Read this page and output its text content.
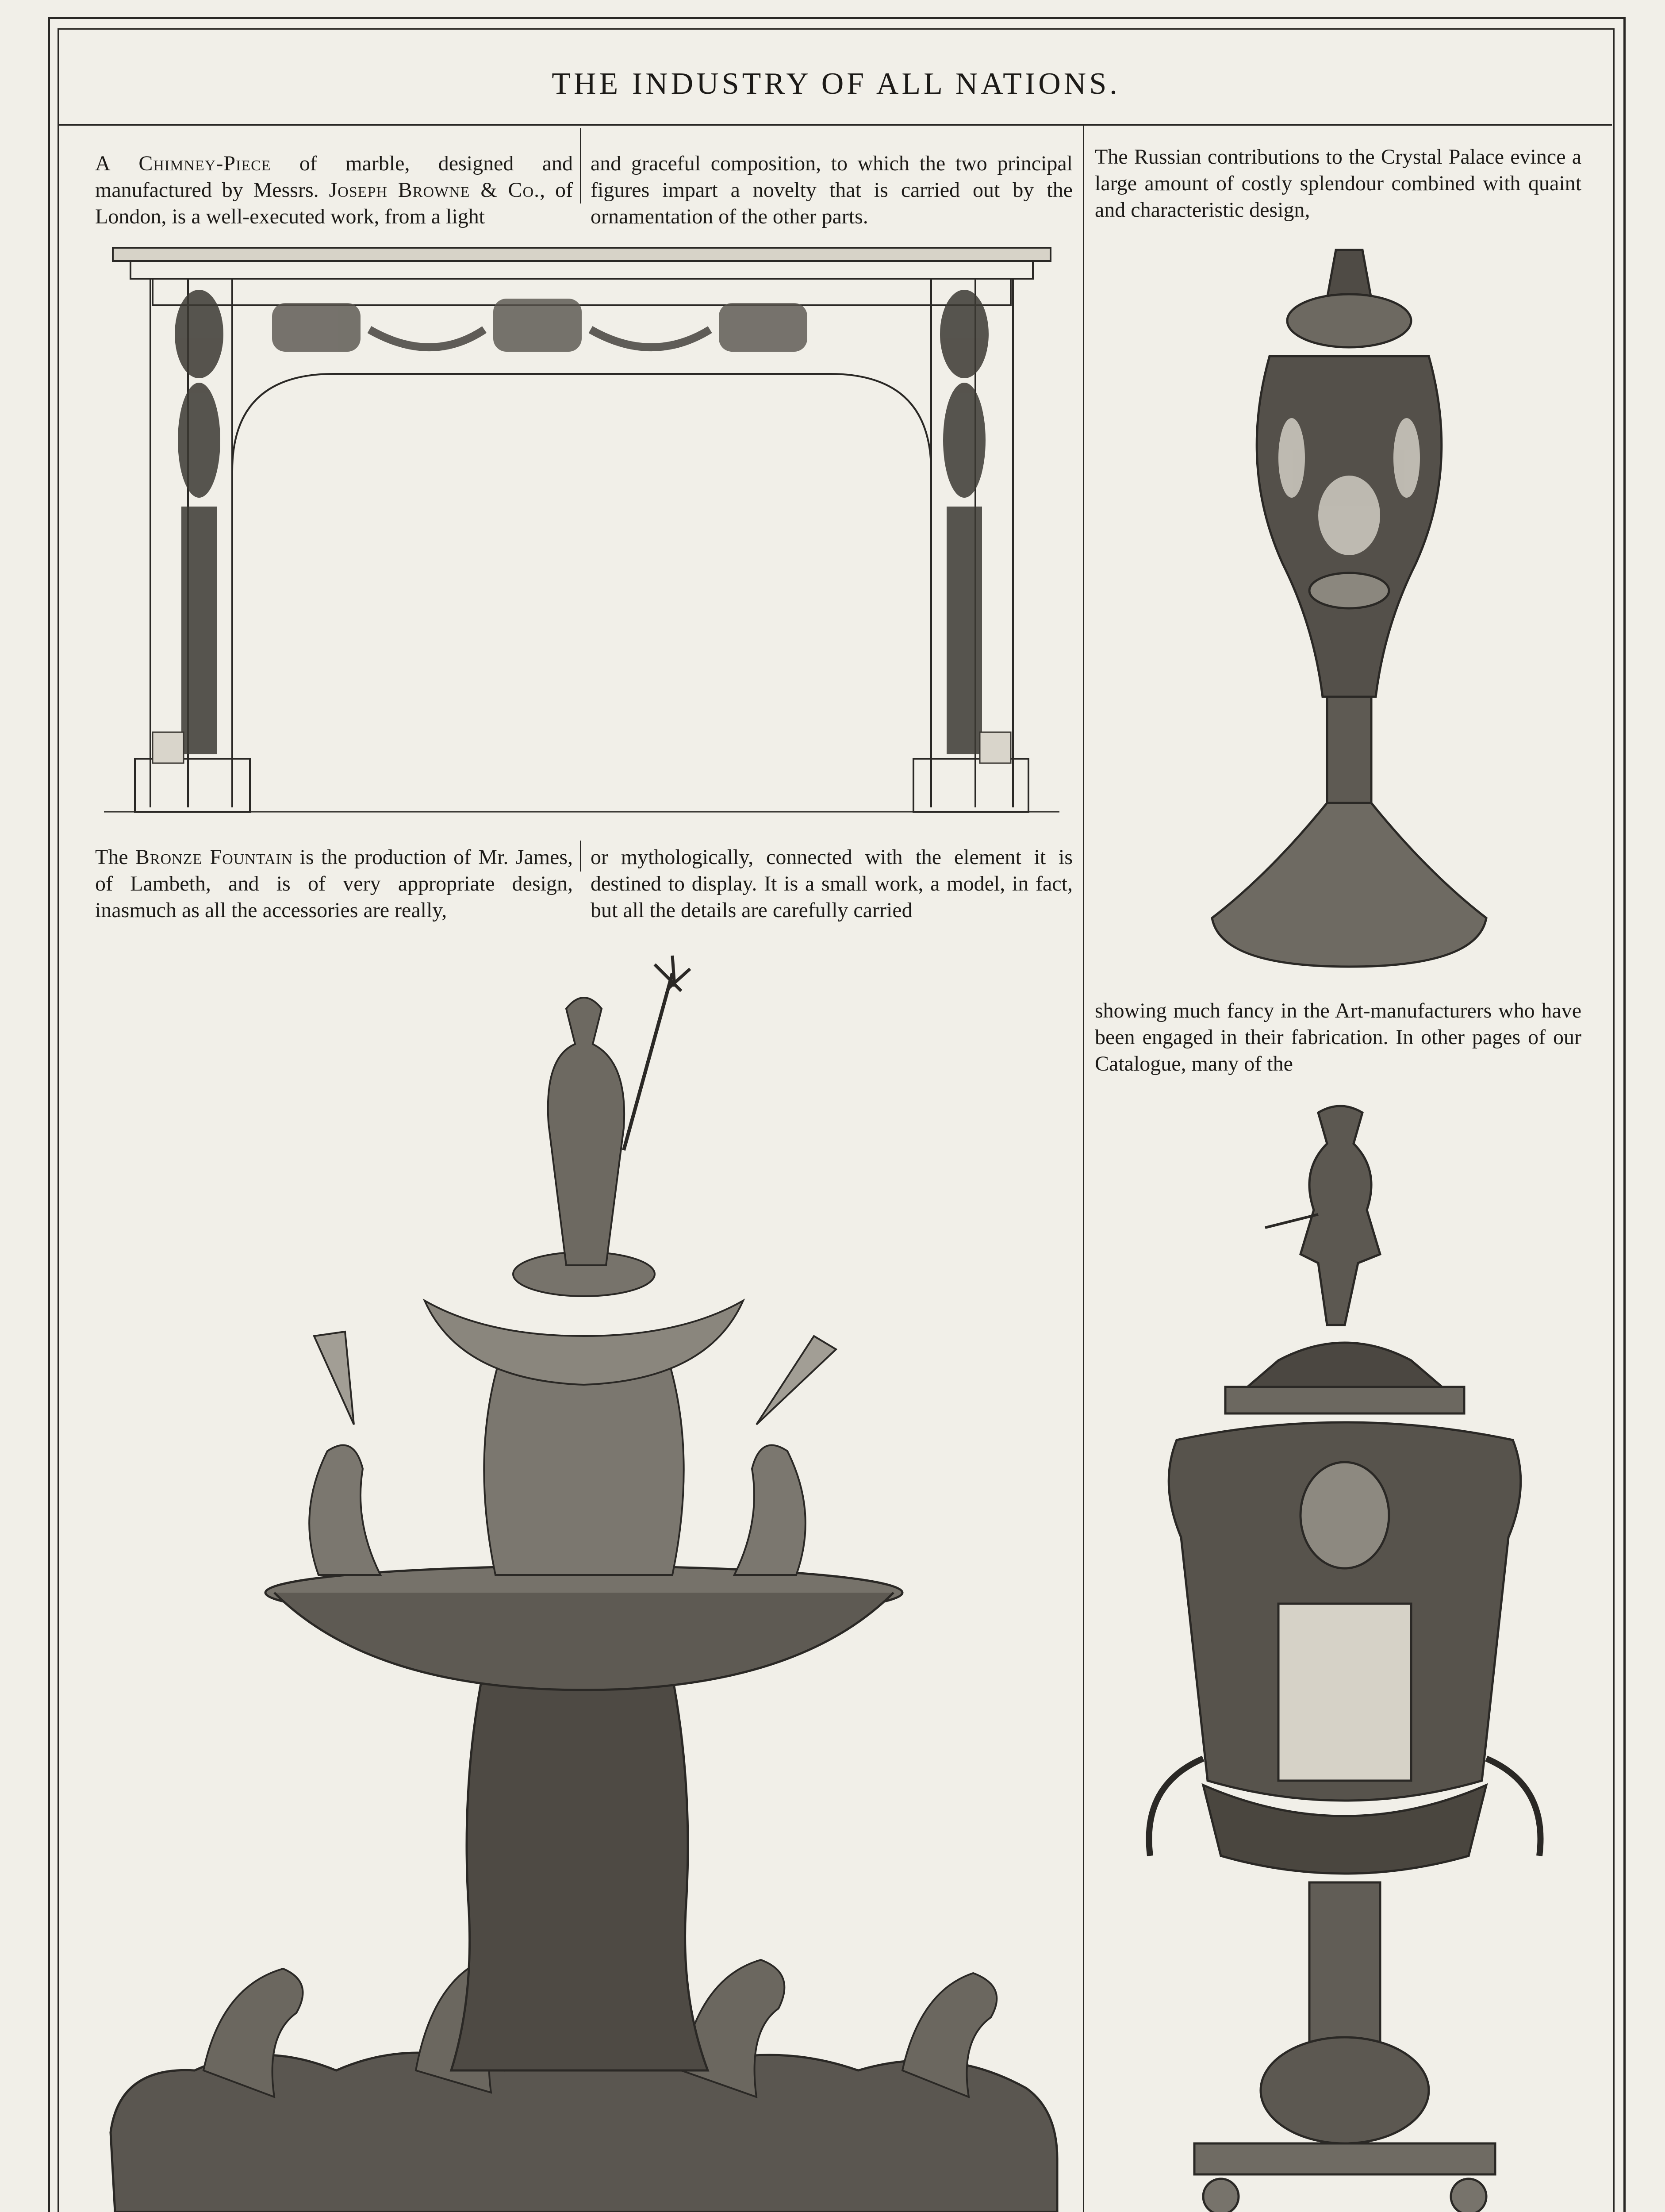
THE INDUSTRY OF ALL NATIONS.
A Chimney-Piece of marble, designed and manufactured by Messrs. Joseph Browne & Co., of London, is a well-executed work, from a light
and graceful composition, to which the two principal figures impart a novelty that is carried out by the ornamentation of the other parts.
The Bronze Fountain is the production of Mr. James, of Lambeth, and is of very appropriate design, inasmuch as all the accessories are really,
or mythologically, connected with the element it is destined to display. It is a small work, a model, in fact, but all the details are carefully carried
The Russian contributions to the Crystal Palace evince a large amount of costly splendour combined with quaint and characteristic design,
showing much fancy in the Art-manufacturers who have been engaged in their fabrication. In other pages of our Catalogue, many of the
